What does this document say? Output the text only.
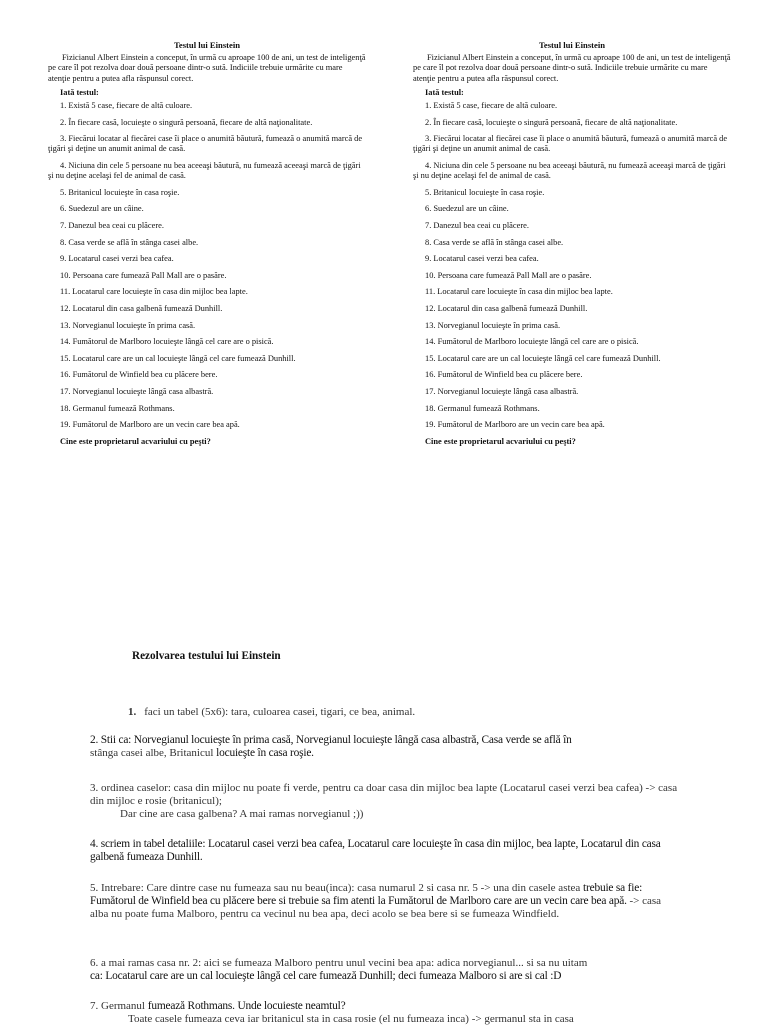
Testul lui Einstein

Fizicianul Albert Einstein a conceput, în urmă cu aproape 100 de ani, un test de inteligenţă pe care îl pot rezolva doar două persoane dintr-o sută. Indiciile trebuie urmărite cu mare atenţie pentru a putea afla răspunsul corect.

Iată testul:

1. Există 5 case, fiecare de altă culoare.
2. În fiecare casă, locuieşte o singură persoană, fiecare de altă naţionalitate.
3. Fiecărui locatar al fiecărei case îi place o anumită băutură, fumează o anumită marcă de ţigări şi deţine un anumit animal de casă.
4. Niciuna din cele 5 persoane nu bea aceeaşi băutură, nu fumează aceeaşi marcă de ţigări şi nu deţine acelaşi fel de animal de casă.
5. Britanicul locuieşte în casa roşie.
6. Suedezul are un câine.
7. Danezul bea ceai cu plăcere.
8. Casa verde se află în stânga casei albe.
9. Locatarul casei verzi bea cafea.
10. Persoana care fumează Pall Mall are o pasăre.
11. Locatarul care locuieşte în casa din mijloc bea lapte.
12. Locatarul din casa galbenă fumează Dunhill.
13. Norvegianul locuieşte în prima casă.
14. Fumătorul de Marlboro locuieşte lângă cel care are o pisică.
15. Locatarul care are un cal locuieşte lângă cel care fumează Dunhill.
16. Fumătorul de Winfield bea cu plăcere bere.
17. Norvegianul locuieşte lângă casa albastră.
18. Germanul fumează Rothmans.
19. Fumătorul de Marlboro are un vecin care bea apă.

Cine este proprietarul acvariului cu peşti?

Testul lui Einstein

Fizicianul Albert Einstein a conceput, în urmă cu aproape 100 de ani, un test de inteligenţă pe care îl pot rezolva doar două persoane dintr-o sută. Indiciile trebuie urmărite cu mare atenţie pentru a putea afla răspunsul corect.

Iată testul:

1. Există 5 case, fiecare de altă culoare.
2. În fiecare casă, locuieşte o singură persoană, fiecare de altă naţionalitate.
3. Fiecărui locatar al fiecărei case îi place o anumită băutură, fumează o anumită marcă de ţigări şi deţine un anumit animal de casă.
4. Niciuna din cele 5 persoane nu bea aceeaşi băutură, nu fumează aceeaşi marcă de ţigări şi nu deţine acelaşi fel de animal de casă.
5. Britanicul locuieşte în casa roşie.
6. Suedezul are un câine.
7. Danezul bea ceai cu plăcere.
8. Casa verde se află în stânga casei albe.
9. Locatarul casei verzi bea cafea.
10. Persoana care fumează Pall Mall are o pasăre.
11. Locatarul care locuieşte în casa din mijloc bea lapte.
12. Locatarul din casa galbenă fumează Dunhill.
13. Norvegianul locuieşte în prima casă.
14. Fumătorul de Marlboro locuieşte lângă cel care are o pisică.
15. Locatarul care are un cal locuieşte lângă cel care fumează Dunhill.
16. Fumătorul de Winfield bea cu plăcere bere.
17. Norvegianul locuieşte lângă casa albastră.
18. Germanul fumează Rothmans.
19. Fumătorul de Marlboro are un vecin care bea apă.

Cine este proprietarul acvariului cu peşti?

Rezolvarea testului lui Einstein

1. faci un tabel (5x6): tara, culoarea casei, tigari, ce bea, animal.
2. Stii ca: Norvegianul locuieşte în prima casă, Norvegianul locuieşte lângă casa albastră, Casa verde se află în
stânga casei albe, Britanicul locuieşte în casa roşie.
3. ordinea caselor: casa din mijloc nu poate fi verde, pentru ca doar casa din mijloc bea lapte (Locatarul casei verzi bea cafea) -> casa din mijloc e rosie (britanicul);
Dar cine are casa galbena? A mai ramas norvegianul ;))
4. scriem in tabel detaliile: Locatarul casei verzi bea cafea, Locatarul care locuieşte în casa din mijloc, bea lapte, Locatarul din casa galbenă fumeaza Dunhill.
5. Intrebare: Care dintre case nu fumeaza sau nu beau(inca): casa numarul 2 si casa nr. 5 -> una din casele astea trebuie sa fie: Fumătorul de Winfield bea cu plăcere bere si trebuie sa fim atenti la Fumătorul de Marlboro care are un vecin care bea apă. -> casa alba nu poate fuma Malboro, pentru ca vecinul nu bea apa, deci acolo se bea bere si se fumeaza Windfield.
6. a mai ramas casa nr. 2: aici se fumeaza Malboro pentru unul vecini bea apa: adica norvegianul... si sa nu uitam
ca: Locatarul care are un cal locuieşte lângă cel care fumează Dunhill; deci fumeaza Malboro si are si cal :D
7. Germanul fumează Rothmans. Unde locuieste neamtul?
Toate casele fumeaza ceva iar britanicul sta in casa rosie (el nu fumeaza inca) -> germanul sta in casa
